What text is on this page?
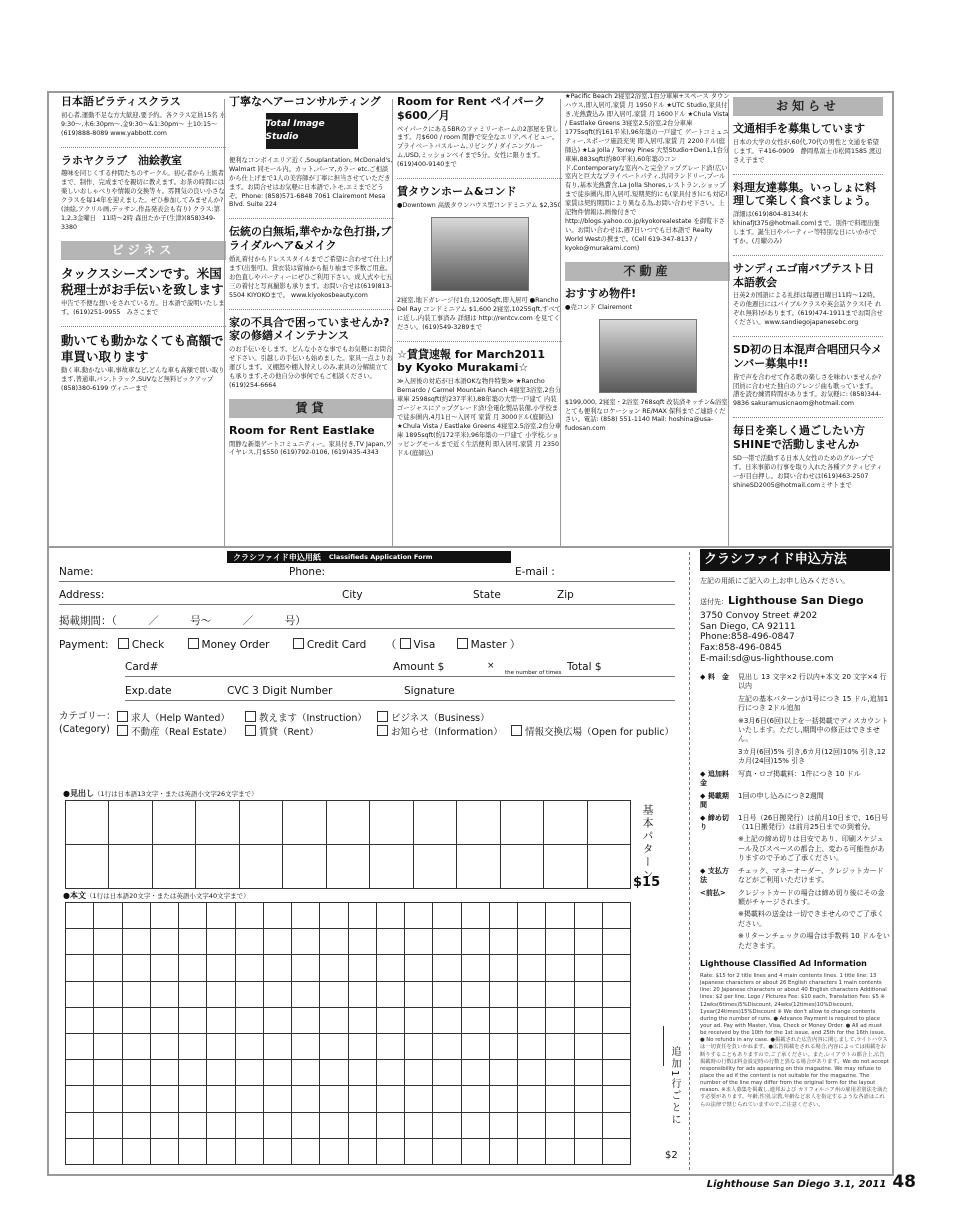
日本語ピラティスクラス
初心者,運動不足な方大歓迎,要予約。各クラス定員15名 水9:30〜,木6:30pm〜,金9:30〜&1:30pm〜 土10:15〜 (619)888-8089 www.yabbott.com
ラホヤクラブ　油絵教室
趣味を同じくする仲間たちのサークル。初心者から上級者まで、制作、完成までを親切に教えます。お茶の時間には楽しいおしゃべりや情報の交換等々。雰囲気の良い小さなクラスを毎14年を迎えました。ぜひ参加してみませんか? (油絵,アクリル画,デッサン,作品発表会も有り) クラス:第1,2,3金曜日　11時〜2時 森田たか子(生津)(858)349-3380
ビジネス
タックスシーズンです。米国税理士がお手伝いを致します
申告で不便な想いをされている方。日本語で説明いたします。(619)251-9955　みさこまで
動いても動かなくても高額で車買い取ります
動く車,動かない車,事故車など,どんな車も高額で買い取ります,普通車,バン,トラック,SUVなど無料ピックアップ (858)380-6199 ヴィニーまで
丁寧なヘアーコンサルティング
Total Image Studio
便利なコンボイエリア近く,Souplantation, McDonald's, Walmart 同モール内。カット,パーマ,カラー etc.ご相談から仕上げまで1人の美容師が丁寧に担当させていただきます。お問合せはお気軽に日本語で,トモ,エミまでどうぞ。Phone: (858)571-6848 7061 Clairemont Mesa Blvd. Suite 224
伝統の白無垢,華やかな色打掛,ブライダルヘア&メイク
婚礼着付からドレススタイルまでご希望に合わせて仕上げます(出張可)。貸衣装は留袖から振り袖まで多数ご用意。お色直しやパーティーにぜひご利用下さい。成人式や七五三の着付と写真撮影も承ります。お問い合せは(619)813-5504 KIYOKOまで。 www.kiyokosbeauty.com
家の不具合で困っていませんか? 家の修繕メインテナンス
のお手伝いをします。どんな小さな事でもお気軽にお問合せ下さい。引越しの手伝いも始めました。家具一点よりお運びします。又棚怒や棚入替えしのみ,素具の分解組立ても承ります,その他自分の事何でもご相談ください。(619)254-6664
賃貸
Room for Rent Eastlake
閑静な新築ゲートコミュニティー。家具付き,TV Japan,ワイヤレス,月$550 (619)792-0106, (619)435-4343
Room for Rent ペイパーク　$600／月
ペイパークにある5BRのファミリーホームの2部屋を貸します。月$600 / room 閑静で安全なエリア,ペイビュー。プライベートバスルーム,リビング / ダイニングルーム,USD,ミッションベイまで5分。女性に限ります。(619)400-9140まで
賃タウンホーム&コンド
●Downtown 高級タウンハウス型コンドミニアム $2,350
2寝室,地下ガレージ付1台,1200Sqft,即入居可 ●Rancho Del Ray コンドミニアム $1,600 2寝室,1025Sqft,すべてに近し,内装工事済み 詳細は http://rentcv.com を見てください。(619)549-3289まで
☆賃貸速報 for March2011 by Kyoko Murakami☆
≫入居後の対応が日本語OKな物件特集≫ ★Rancho Bernardo / Carmel Mountain Ranch 4寝室3浴室,2台分車庫 2598sqft(約237平米),88年築の大型一戸建て 内装ゴージャスにアップグレード済!全電化製品装備,小学校まで徒歩圏内,4月1日〜入居可 家賃 月 3000ドル(庭師込) ★Chula Vista / Eastlake Greens 4寝室2.5浴室,2台分車庫 1895sqft(約172平米),96年築の一戸建て 小学校,ショッピングモールまで近く生活便利 即入居可,家賃 月 2350ドル(庭師込)
★Pacific Beach 2寝室2浴室,1台分車庫+スペース タウンハウス,即入居可,家賃 月 1950ドル ★UTC Studio,家具付き,光熱費込み 即入居可,家賃 月 1600ドル ★Chula Vista / Eastlake Greens 3寝室2.5浴室,2台分車庫 1775sqft(約161平米),96年築の一戸建て ゲートコミュニティー,スポーツ施設充実 即入居可,家賃 月 2200ドル(庭師込) ★La Jolla / Torrey Pines 大型Studio+Den1,1台分車庫,883sqft(約80平米),60年築のコンド,Contemporaryな室内へと完全アップグレード済!広い室内と巨大なプライベートパティ,共同ランドリー,プール有り,基本光熱費含,La Jolla Shores,レストラン,ショップまで徒歩圏内,即入居可,短期契約にも(家具付き)にも対応!家賃は契約期間により異なる為,お問い合わせ下さい。上記物件情報は,画像付きで http://blogs.yahoo.co.jp/kyokorealestate を御覧下さい。お問い合わせは,週7日いつでも日本語で Realty World Westの携まで。(Cell 619-347-8137 / kyoko@murakami.com)
不動産
おすすめ物件!
●売コンド Clairemont
$199,000, 2寝室・2浴室 768sqft 改装済キッチン&浴室 とても便利なロケーション RE/MAX 保科までご連絡ください。電話: (858) 551-1140 Mail: hoshina@usa-fudosan.com
お知らせ
文通相手を募集しています
日本の大学の女性が,60代,70代の男性と文通を希望します。〒416-0909　静岡県富士市松岡1585 渡辺さえ子まで
料理友達募集。いっしょに料理して楽しく食べましょう。
詳細は(619)804-8134(木khinafjt375@hotmail.com)まで。別件で料理出張します。誕生日やパーティー等特別な日にいかがですか。(月曜のみ)
サンディエゴ南バプテスト日本語教会
日英2カ国語による礼拝は毎週日曜日11時〜12時。その他週日にはバイブルクラスや英会話クラス(そ れぞれ無料)があります。(619)474-1911までお問合せください。www.sandiegojapanesebc.org
SD初の日本混声合唱団只今メンバー募集中!!
皆で声を合わせて作る歌の楽しさを味わいませんか? 団員に合わせた独自のアレンジ曲も歌っています。譜を読む練習時間があります。お気軽に: (858)344-9836 sakuramusicnaom@hotmail.com
毎日を楽しく過ごしたい方SHINEで活動しませんか
SD一帯で活動する日本人女性のためのグループです。日米事節の行事を取り入れた各種アクティビティーが目白押し。お問い合わせは(619)463-2507 shineSD2005@hotmail.comミサトまで
クラシファイド申込用紙 Classifieds Application Form
Name:	Phone:	E-mail :
Address:	City	State	Zip
掲載期間：（　　　／　　　号〜　　　／　　　号）
Payment: Check	Money Order	Credit Card （ Visa	Master ）
Card#	Amount $	×
the number of times Total $
Exp.date	CVC 3 Digit Number	Signature
カテゴリー：
(Category)
求人（Help Wanted）	教えます（Instruction）	ビジネス（Business）
不動産（Real Estate）	賃貸（Rent）	お知らせ（Information）	情報交換広場（Open for public）
●見出し（1行は日本語13文字・または英語小文字26文字まで）
●本文（1行は日本語20文字・または英語小文字40文字まで）
基本パターン
$15
追加1行ごとに
$2
クラシファイド申込方法
左記の用紙にご記入の上,お申し込みください。
送付先：Lighthouse San Diego
3750 Convoy Street #202
San Diego, CA 92111
Phone:858-496-0847
Fax:858-496-0845
E-mail:sd@us-lighthouse.com
◆ 料　金	見出し 13 文字×2 行以内+本文 20 文字×4 行以内
左記の基本パターンが1号につき 15 ドル,追加1行につき 2ドル追加
※3月6日(6回)以上を一括掲載でディスカウントいたします。ただし,期間中の修正はできません。
3カ月(6回)5% 引き,6カ月(12回)10% 引き,12カ月(24回)15% 引き
◆ 追加料金
写真・ロゴ掲載料：1件につき 10 ドル
◆ 掲載期間
1回の申し込みにつき2週間
◆ 締め切り
1日号（26日搬発行）は前月10日まで、16日号（11日搬発行）は前月25日までの到着分。
※上記の締め切りは目安であり、印刷スケジュール及びスペースの都合上、変わる可能性がありますので予めご了承ください。
◆ 支払方法
チェック、マネーオーダー、クレジットカードなどがご利用いただけます。
<前払>	クレジットカードの場合は締め切り後にその金額がチャージされます。
※掲載料の送金は一切できませんのでご了承ください。
※リターンチェックの場合は手数料 10 ドルをいただきます。
Lighthouse Classified Ad Information
Rate: $15 for 2 title lines and 4 main contents lines. 1 title line: 13 Japanese characters or about 26 English characters 1 main contents line: 20 Japanese characters or about 40 English characters Additional lines: $2 per line, Logo / Pictures Fee: $10 each, Translation Fee: $5 ※ 12wks(6times)5%Discount, 24wks(12times)10%Discount, 1year(24times)15%Discount ※ We don't allow to change contents during the number of runs. ● Advance Payment is required to place your ad. Pay with Master, Visa, Check or Money Order. ● All ad must be received by the 10th for the 1st issue, and 25th for the 16th issue. ● No refunds in any case. ●掲載された広告内容に関しまして,ライトハウスは一切責任を負いかねます。●広告掲載をされる場合,内容によっては掲載をお断りすることもありますので,ご了承ください。また,レイアウトの都合上,広告掲載時の行数は料金設定時の行数と異なる場合があります。We do not accept responsibility for ads appearing on this magazine. We may refuse to place the ad if the content is not suitable for the magazine. The number of the line may differ from the original form for the layout reason. ※求人募集を掲載し,連邦および カリフォルニア州の雇用差別法を満たす必要があります。年齢,性別,宗教,年齢など求人を指定するような各語はこれらの法律で禁じられていますので,ご注意ください。
Lighthouse San Diego 3.1, 2011 48
